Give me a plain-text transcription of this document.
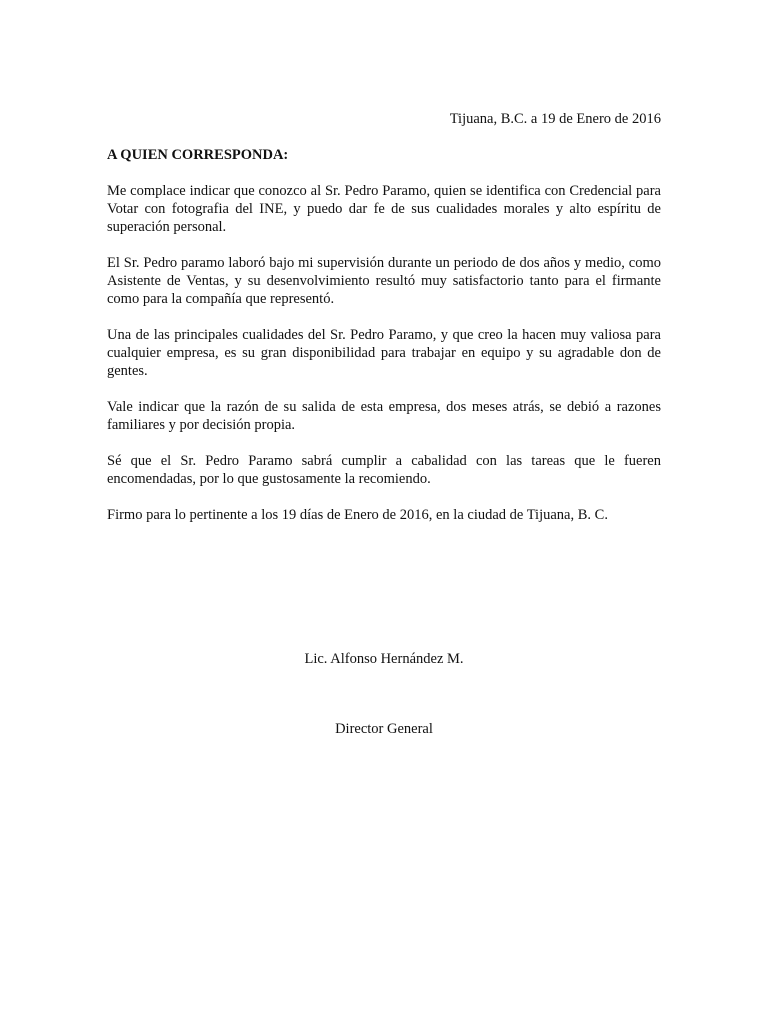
Tijuana, B.C. a 19 de Enero de 2016
A QUIEN CORRESPONDA:

Me complace indicar que conozco al Sr. Pedro Paramo, quien se identifica con Credencial para Votar con fotografia del INE, y puedo dar fe de sus cualidades morales y alto espíritu de superación personal.

El Sr. Pedro paramo laboró bajo mi supervisión durante un periodo de dos años y medio, como Asistente de Ventas, y su desenvolvimiento resultó muy satisfactorio tanto para el firmante como para la compañía que representó.

Una de las principales cualidades del Sr. Pedro Paramo, y que creo la hacen muy valiosa para cualquier empresa, es su gran disponibilidad para trabajar en equipo y su agradable don de gentes.

Vale indicar que la razón de su salida de esta empresa, dos meses atrás, se debió a razones familiares y por decisión propia.

Sé que el Sr. Pedro Paramo sabrá cumplir a cabalidad con las tareas que le fueren encomendadas, por lo que gustosamente la recomiendo.

Firmo para lo pertinente a los 19 días de Enero de 2016, en la ciudad de Tijuana, B. C.

Lic. Alfonso Hernández M.
Director General
